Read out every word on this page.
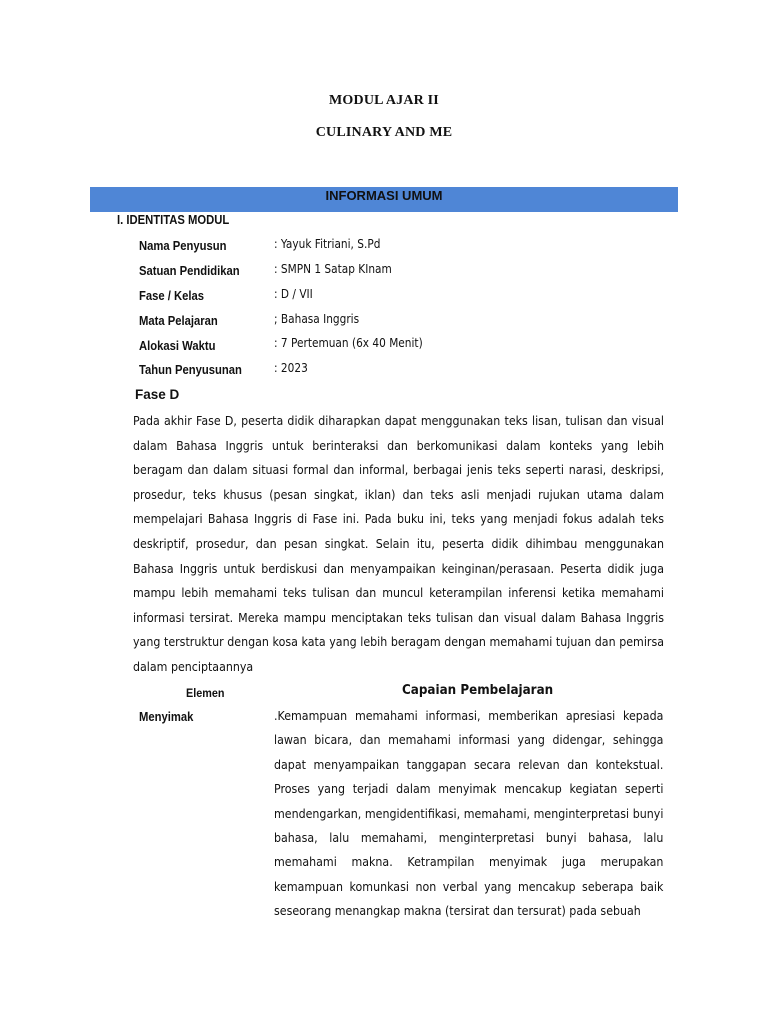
MODUL AJAR II
CULINARY AND ME
INFORMASI UMUM
I. IDENTITAS MODUL
Nama Penyusun	: Yayuk Fitriani, S.Pd
Satuan Pendidikan	: SMPN 1 Satap KInam
Fase / Kelas	: D / VII
Mata Pelajaran	; Bahasa Inggris
Alokasi Waktu	: 7 Pertemuan (6x 40 Menit)
Tahun Penyusunan	: 2023
Fase D
Pada akhir Fase D, peserta didik diharapkan dapat menggunakan teks lisan, tulisan dan visual dalam Bahasa Inggris untuk berinteraksi dan berkomunikasi dalam konteks yang lebih beragam dan dalam situasi formal dan informal, berbagai jenis teks seperti narasi, deskripsi, prosedur, teks khusus (pesan singkat, iklan) dan teks asli menjadi rujukan utama dalam mempelajari Bahasa Inggris di Fase ini. Pada buku ini, teks yang menjadi fokus adalah teks deskriptif, prosedur, dan pesan singkat. Selain itu, peserta didik dihimbau menggunakan Bahasa Inggris untuk berdiskusi dan menyampaikan keinginan/perasaan. Peserta didik juga mampu lebih memahami teks tulisan dan muncul keterampilan inferensi ketika memahami informasi tersirat. Mereka mampu menciptakan teks tulisan dan visual dalam Bahasa Inggris yang terstruktur dengan kosa kata yang lebih beragam dengan memahami tujuan dan pemirsa dalam penciptaannya
Elemen	Capaian Pembelajaran
Menyimak	.Kemampuan memahami informasi, memberikan apresiasi kepada lawan bicara, dan memahami informasi yang didengar, sehingga dapat menyampaikan tanggapan secara relevan dan kontekstual. Proses yang terjadi dalam menyimak mencakup kegiatan seperti mendengarkan, mengidentifikasi, memahami, menginterpretasi bunyi bahasa, lalu memahami, menginterpretasi bunyi bahasa, lalu memahami makna. Ketrampilan menyimak juga merupakan kemampuan komunkasi non verbal yang mencakup seberapa baik seseorang menangkap makna (tersirat dan tersurat) pada sebuah
